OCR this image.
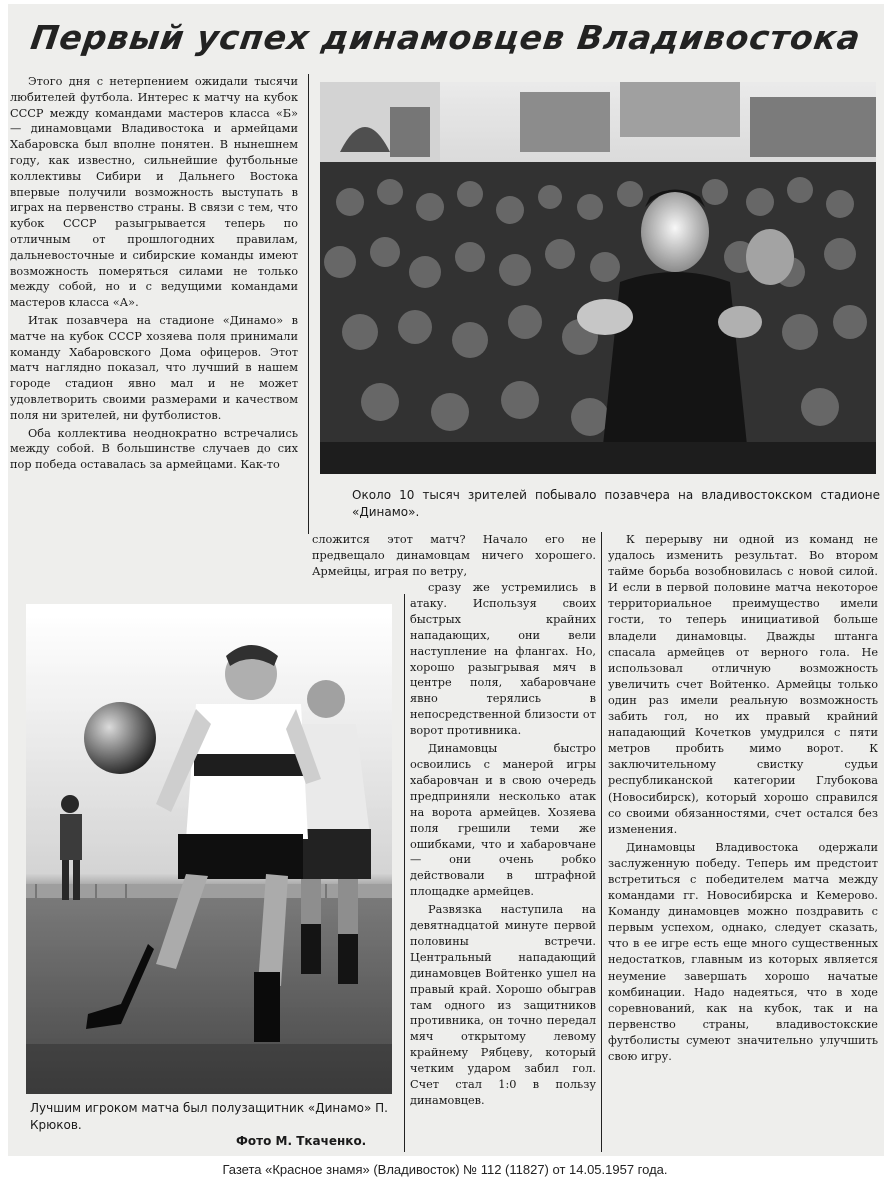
Первый успех динамовцев Владивостока

Этого дня с нетерпением ожидали тысячи любителей футбола. Интерес к матчу на кубок СССР между командами мастеров класса «Б» — динамовцами Владивостока и армейцами Хабаровска был вполне понятен. В нынешнем году, как известно, сильнейшие футбольные коллективы Сибири и Дальнего Востока впервые получили возможность выступать в играх на первенство страны. В связи с тем, что кубок СССР разыгрывается теперь по отличным от прошлогодних правилам, дальневосточные и сибирские команды имеют возможность померяться силами не только между собой, но и с ведущими командами мастеров класса «А».

Итак позавчера на стадионе «Динамо» в матче на кубок СССР хозяева поля принимали команду Хабаровского Дома офицеров. Этот матч наглядно показал, что лучший в нашем городе стадион явно мал и не может удовлетворить своими размерами и качеством поля ни зрителей, ни футболистов.

Оба коллектива неоднократно встречались между собой. В большинстве случаев до сих пор победа оставалась за армейцами. Как-то

Около 10 тысяч зрителей побывало позавчера на владивостокском стадионе «Динамо».
сложится этот матч? Начало его не предвещало динамовцам ничего хорошего. Армейцы, играя по ветру,

сразу же устремились в атаку. Используя своих быстрых крайних нападающих, они вели наступление на флангах. Но, хорошо разыгрывая мяч в центре поля, хабаровчане явно терялись в непосредственной близости от ворот противника.

Динамовцы быстро освоились с манерой игры хабаровчан и в свою очередь предприняли несколько атак на ворота армейцев. Хозяева поля грешили теми же ошибками, что и хабаровчане — они очень робко действовали в штрафной площадке армейцев.

Развязка наступила на девятнадцатой минуте первой половины встречи. Центральный нападающий динамовцев Войтенко ушел на правый край. Хорошо обыграв там одного из защитников противника, он точно передал мяч открытому левому крайнему Рябцеву, который четким ударом забил гол. Счет стал 1:0 в пользу динамовцев.

К перерыву ни одной из команд не удалось изменить результат. Во втором тайме борьба возобновилась с новой силой. И если в первой половине матча некоторое территориальное преимущество имели гости, то теперь инициативой больше владели динамовцы. Дважды штанга спасала армейцев от верного гола. Не использовал отличную возможность увеличить счет Войтенко. Армейцы только один раз имели реальную возможность забить гол, но их правый крайний нападающий Кочетков умудрился с пяти метров пробить мимо ворот. К заключительному свистку судьи республиканской категории Глубокова (Новосибирск), который хорошо справился со своими обязанностями, счет остался без изменения.

Динамовцы Владивостока одержали заслуженную победу. Теперь им предстоит встретиться с победителем матча между командами гг. Новосибирска и Кемерово. Команду динамовцев можно поздравить с первым успехом, однако, следует сказать, что в ее игре есть еще много существенных недостатков, главным из которых является неумение завершать хорошо начатые комбинации. Надо надеяться, что в ходе соревнований, как на кубок, так и на первенство страны, владивостокские футболисты сумеют значительно улучшить свою игру.

Лучшим игроком матча был полузащитник «Динамо» П. Крюков.
Фото М. Ткаченко.
Газета «Красное знамя» (Владивосток) № 112 (11827) от 14.05.1957 года.
